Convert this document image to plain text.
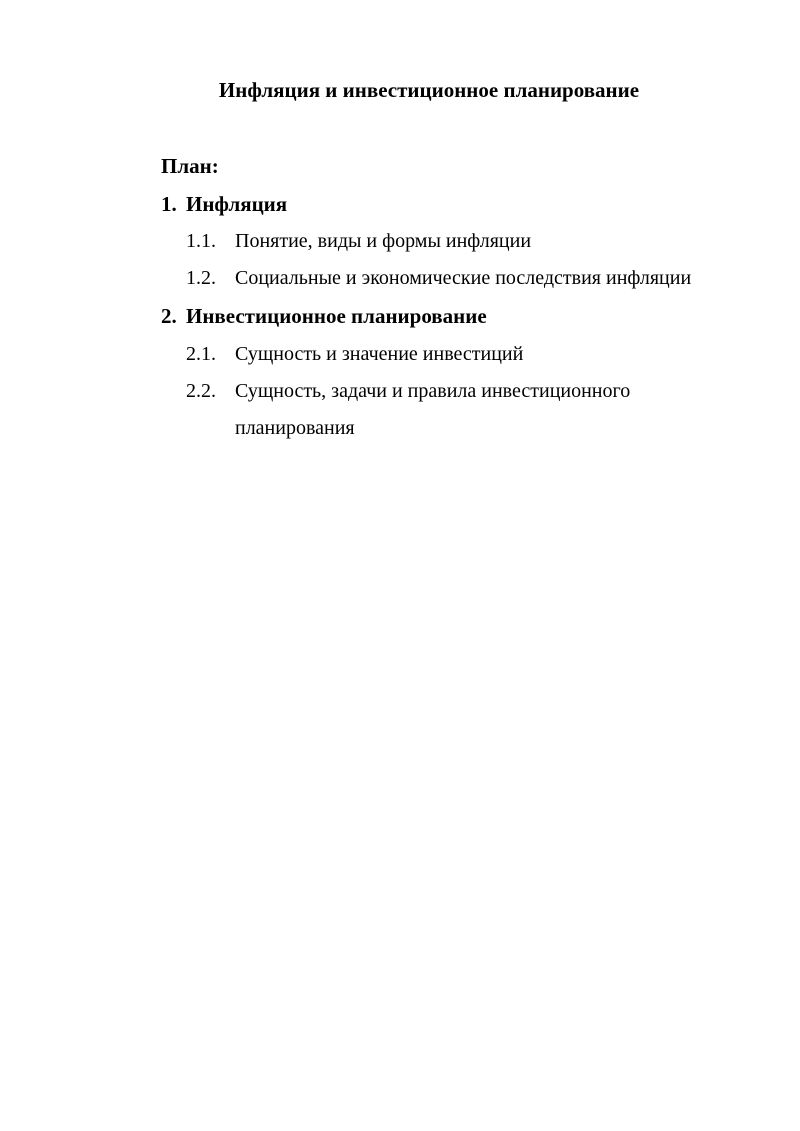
Инфляция и инвестиционное планирование
План:
1. Инфляция
1.1. Понятие, виды и формы инфляции
1.2. Социальные и экономические последствия инфляции
2. Инвестиционное планирование
2.1. Сущность и значение инвестиций
2.2. Сущность, задачи и правила инвестиционного планирования
